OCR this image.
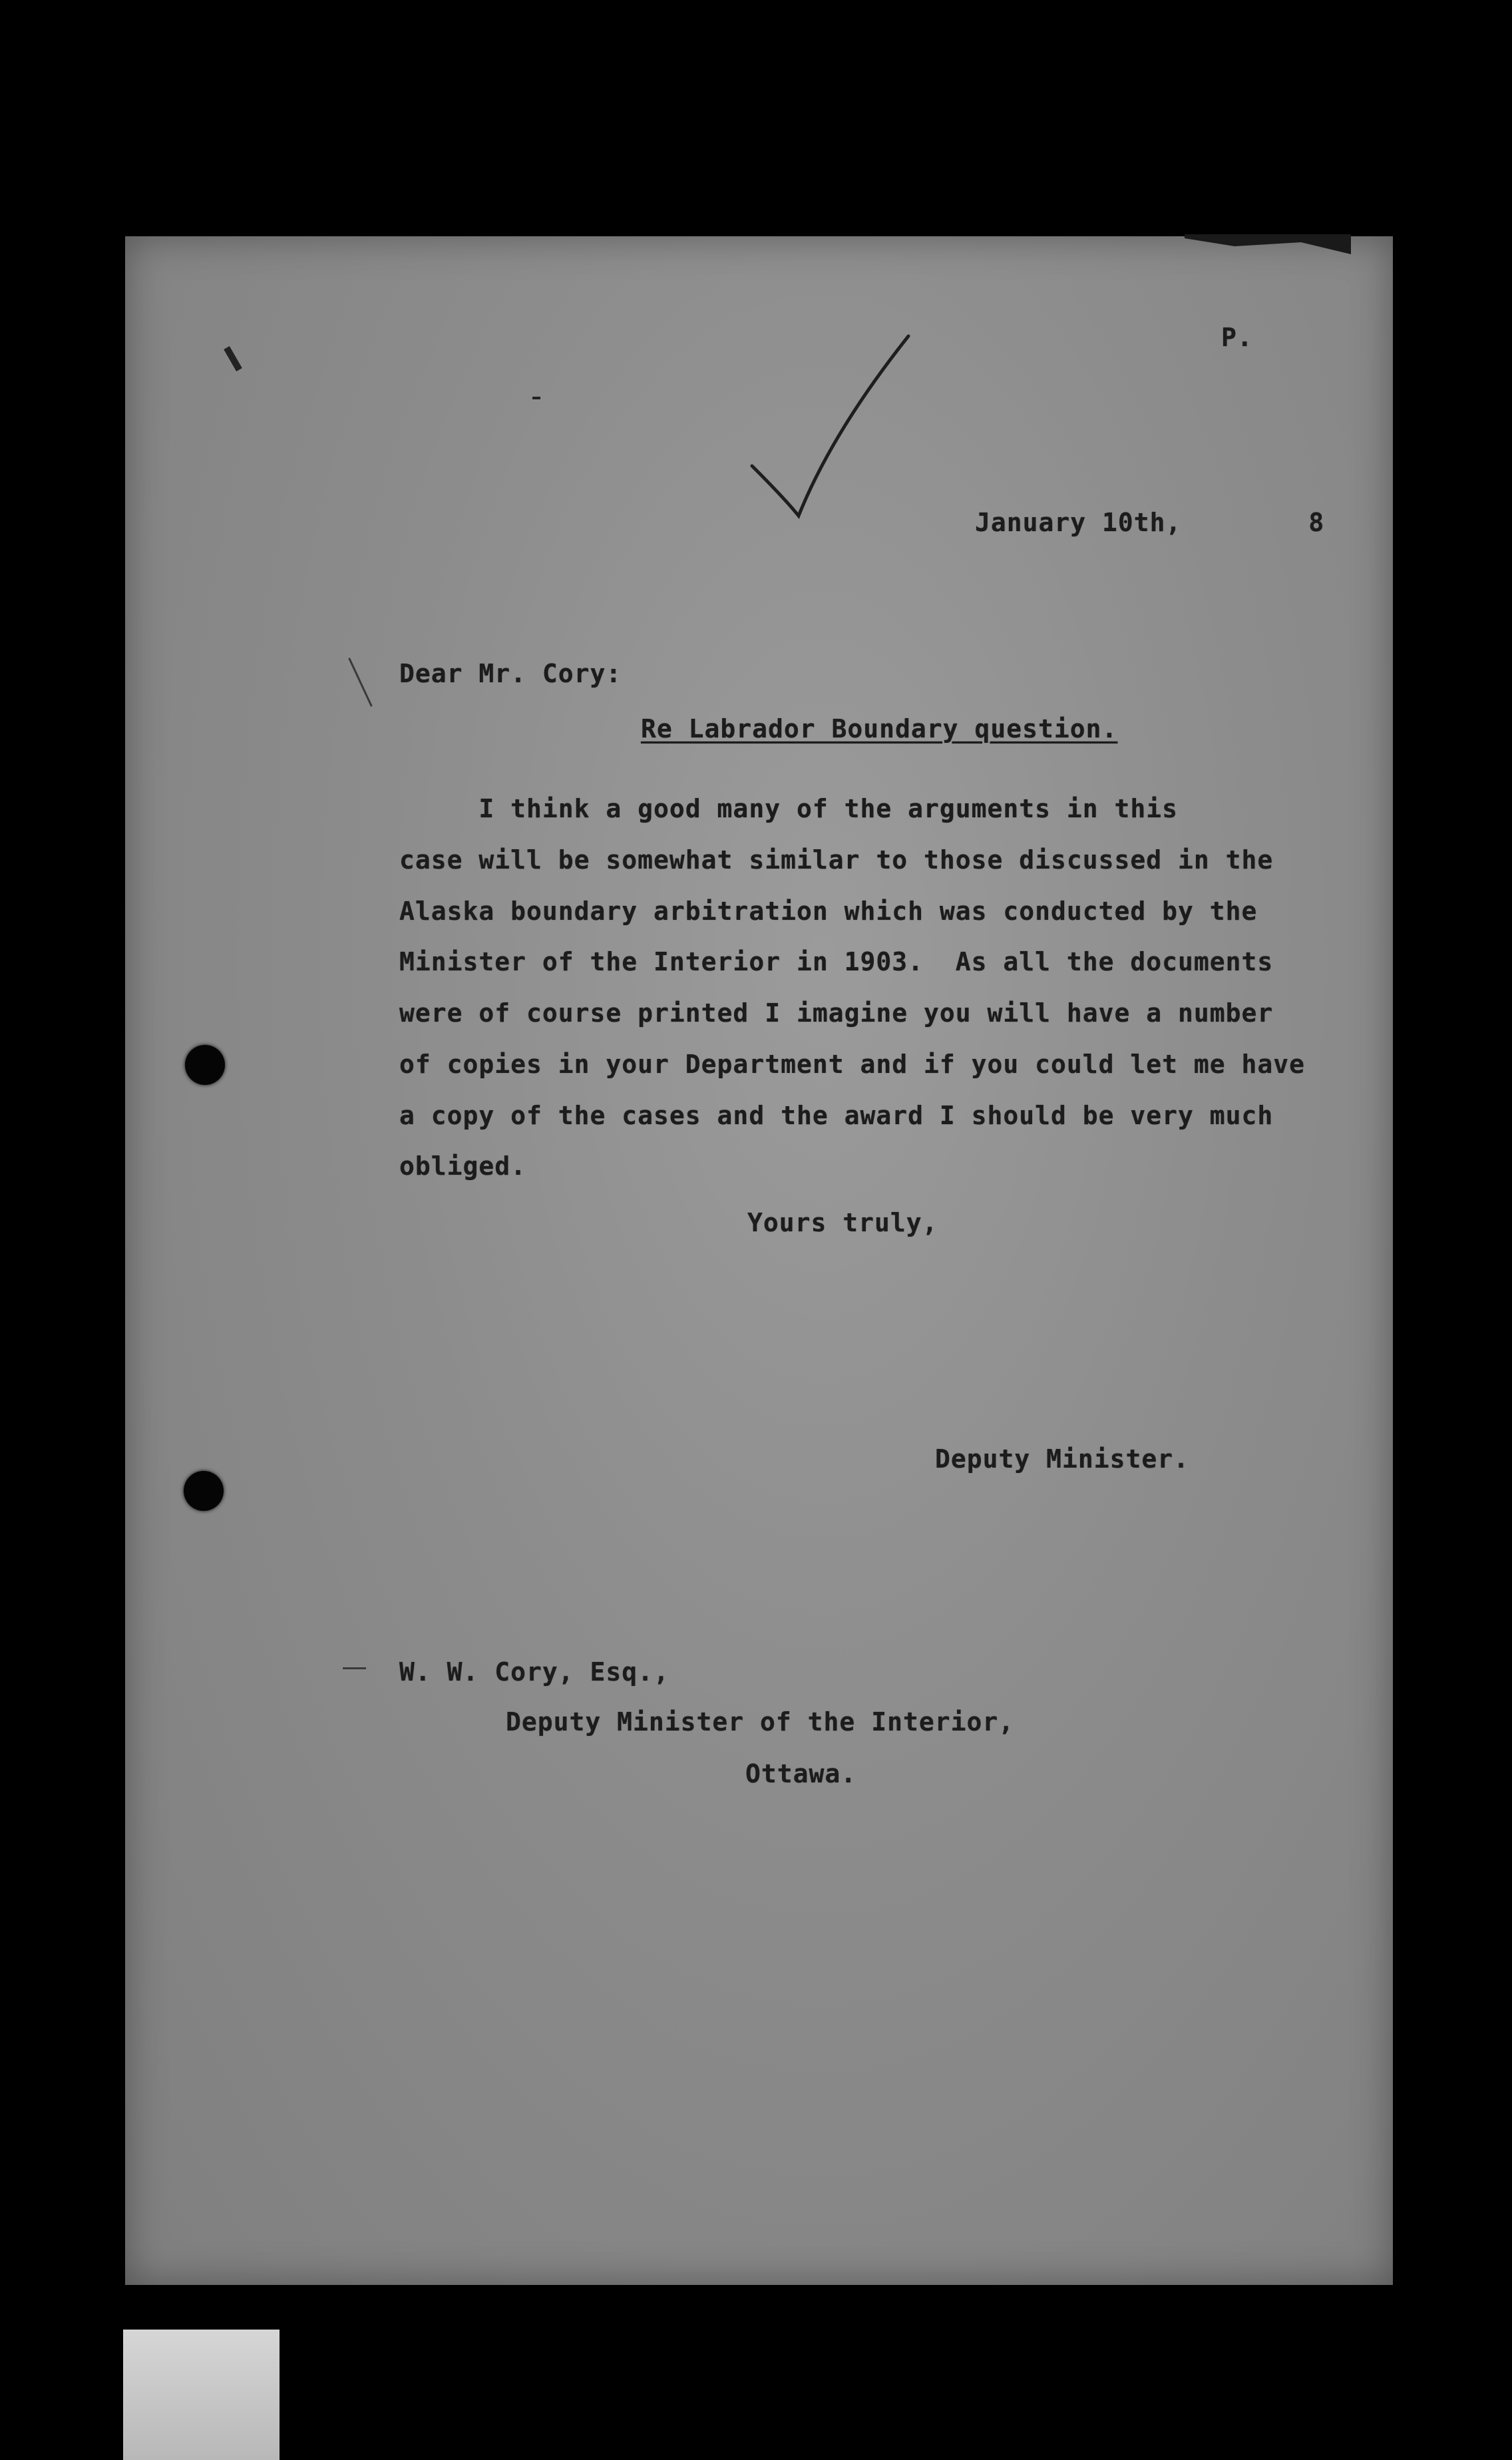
P.
January 10th,        8
Dear Mr. Cory:
Re Labrador Boundary question.
I think a good many of the arguments in this
case will be somewhat similar to those discussed in the
Alaska boundary arbitration which was conducted by the
Minister of the Interior in 1903.  As all the documents
were of course printed I imagine you will have a number
of copies in your Department and if you could let me have
a copy of the cases and the award I should be very much
obliged.
Yours truly,
Deputy Minister.
W. W. Cory, Esq.,
Deputy Minister of the Interior,
Ottawa.
